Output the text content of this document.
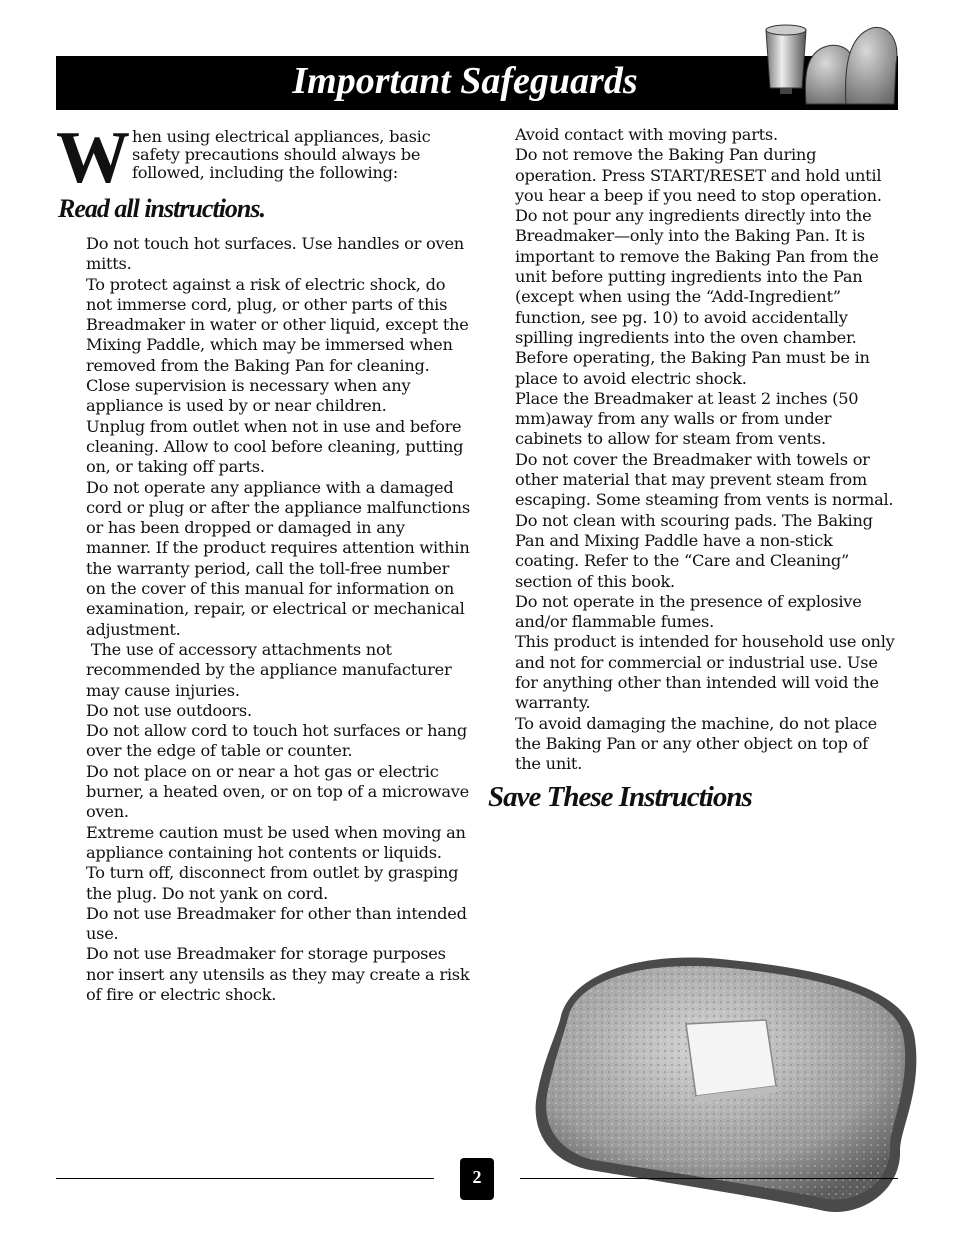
Important Safeguards
W hen using electrical appliances, basic safety precautions should always be followed, including the following:
Read all instructions.

Do not touch hot surfaces. Use handles or oven mitts.

To protect against a risk of electric shock, do not immerse cord, plug, or other parts of this Breadmaker in water or other liquid, except the Mixing Paddle, which may be immersed when removed from the Baking Pan for cleaning.

Close supervision is necessary when any appliance is used by or near children.

Unplug from outlet when not in use and before cleaning. Allow to cool before cleaning, putting on, or taking off parts.

Do not operate any appliance with a damaged cord or plug or after the appliance malfunctions or has been dropped or damaged in any manner. If the product requires attention within the warranty period, call the toll-free number on the cover of this manual for information on examination, repair, or electrical or mechanical adjustment.

The use of accessory attachments not recommended by the appliance manufacturer may cause injuries.

Do not use outdoors.

Do not allow cord to touch hot surfaces or hang over the edge of table or counter.

Do not place on or near a hot gas or electric burner, a heated oven, or on top of a microwave oven.

Extreme caution must be used when moving an appliance containing hot contents or liquids.

To turn off, disconnect from outlet by grasping the plug. Do not yank on cord.

Do not use Breadmaker for other than intended use.

Do not use Breadmaker for storage purposes nor insert any utensils as they may create a risk of fire or electric shock.

Avoid contact with moving parts.

Do not remove the Baking Pan during operation. Press START/RESET and hold until you hear a beep if you need to stop operation.

Do not pour any ingredients directly into the Breadmaker—only into the Baking Pan. It is important to remove the Baking Pan from the unit before putting ingredients into the Pan (except when using the “Add-Ingredient” function, see pg. 10) to avoid accidentally spilling ingredients into the oven chamber.

Before operating, the Baking Pan must be in place to avoid electric shock.

Place the Breadmaker at least 2 inches (50 mm)away from any walls or from under cabinets to allow for steam from vents.

Do not cover the Breadmaker with towels or other material that may prevent steam from escaping. Some steaming from vents is normal.

Do not clean with scouring pads. The Baking Pan and Mixing Paddle have a non-stick coating. Refer to the “Care and Cleaning” section of this book.

Do not operate in the presence of explosive and/or flammable fumes.

This product is intended for household use only and not for commercial or industrial use. Use for anything other than intended will void the warranty.

To avoid damaging the machine, do not place the Baking Pan or any other object on top of the unit.

Save These Instructions
2
